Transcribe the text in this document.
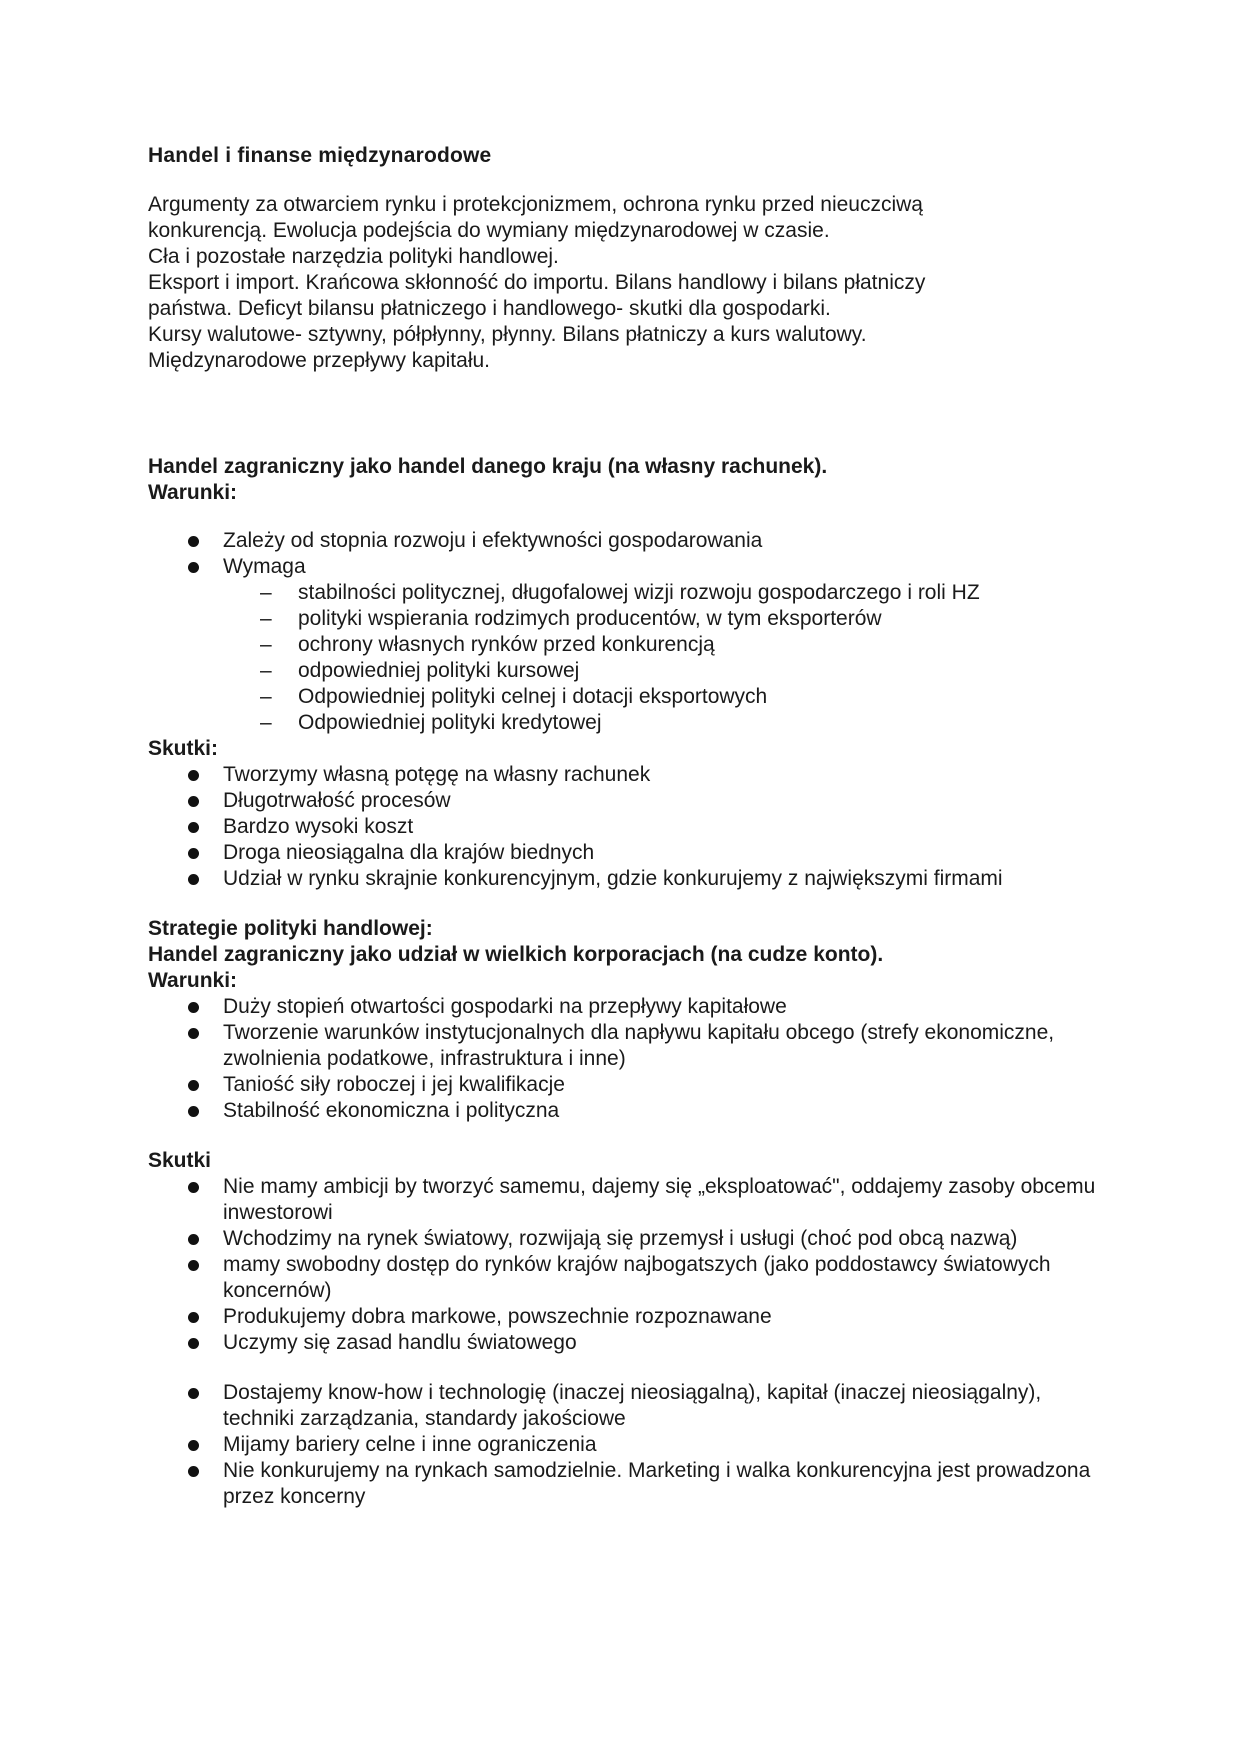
Handel i finanse międzynarodowe
Argumenty za otwarciem rynku i protekcjonizmem, ochrona rynku przed nieuczciwą
konkurencją. Ewolucja podejścia do wymiany międzynarodowej w czasie.
Cła i pozostałe narzędzia polityki handlowej.
Eksport i import. Krańcowa skłonność do importu. Bilans handlowy i bilans płatniczy
państwa. Deficyt bilansu płatniczego i handlowego- skutki dla gospodarki.
Kursy walutowe- sztywny, półpłynny, płynny. Bilans płatniczy a kurs walutowy.
Międzynarodowe przepływy kapitału.
Handel zagraniczny jako handel danego kraju (na własny rachunek).
Warunki:
Zależy od stopnia rozwoju i efektywności gospodarowania
Wymaga
– stabilności politycznej, długofalowej wizji rozwoju gospodarczego i roli HZ
– polityki wspierania rodzimych producentów, w tym eksporterów
– ochrony własnych rynków przed konkurencją
– odpowiedniej polityki kursowej
– Odpowiedniej polityki celnej i dotacji eksportowych
– Odpowiedniej polityki kredytowej
Skutki:
Tworzymy własną potęgę na własny rachunek
Długotrwałość procesów
Bardzo wysoki koszt
Droga nieosiągalna dla krajów biednych
Udział w rynku skrajnie konkurencyjnym, gdzie konkurujemy z największymi firmami
Strategie polityki handlowej:
Handel zagraniczny jako udział w wielkich korporacjach (na cudze konto).
Warunki:
Duży stopień otwartości gospodarki na przepływy kapitałowe
Tworzenie warunków instytucjonalnych dla napływu kapitału obcego (strefy ekonomiczne, zwolnienia podatkowe, infrastruktura i inne)
Taniość siły roboczej i jej kwalifikacje
Stabilność ekonomiczna i polityczna
Skutki
Nie mamy ambicji by tworzyć samemu, dajemy się „eksploatować", oddajemy zasoby obcemu inwestorowi
Wchodzimy na rynek światowy, rozwijają się przemysł i usługi (choć pod obcą nazwą)
mamy swobodny dostęp do rynków krajów najbogatszych (jako poddostawcy światowych koncernów)
Produkujemy dobra markowe, powszechnie rozpoznawane
Uczymy się zasad handlu światowego
Dostajemy know-how i technologię (inaczej nieosiągalną), kapitał (inaczej nieosiągalny), techniki zarządzania, standardy jakościowe
Mijamy bariery celne i inne ograniczenia
Nie konkurujemy na rynkach samodzielnie. Marketing i walka konkurencyjna jest prowadzona przez koncerny
